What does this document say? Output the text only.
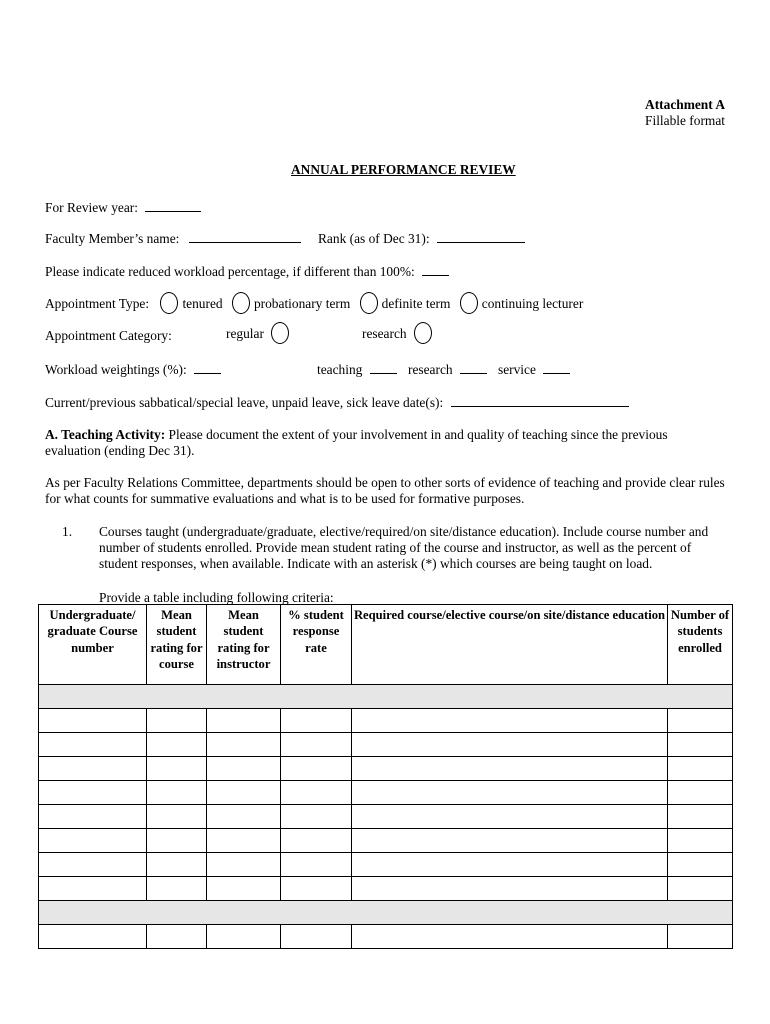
Attachment A
Fillable format
ANNUAL PERFORMANCE REVIEW
For Review year:
Faculty Member’s name:	Rank (as of Dec 31):
Please indicate reduced workload percentage, if different than 100%:
Appointment Type: tenured probationary term definite term continuing lecturer
Appointment Category:	regular	research
Workload weightings (%):	teaching	research	service
Current/previous sabbatical/special leave, unpaid leave, sick leave date(s):
A. Teaching Activity: Please document the extent of your involvement in and quality of teaching since the previous evaluation (ending Dec 31).
As per Faculty Relations Committee, departments should be open to other sorts of evidence of teaching and provide clear rules for what counts for summative evaluations and what is to be used for formative purposes.
1. Courses taught (undergraduate/graduate, elective/required/on site/distance education). Include course number and number of students enrolled. Provide mean student rating of the course and instructor, as well as the percent of student responses, when available. Indicate with an asterisk (*) which courses are being taught on load.
Provide a table including following criteria:
Undergraduate/ graduate Course number	Mean student rating for course	Mean student rating for instructor	% student response rate	Required course/elective course/on site/distance education	Number of students enrolled
